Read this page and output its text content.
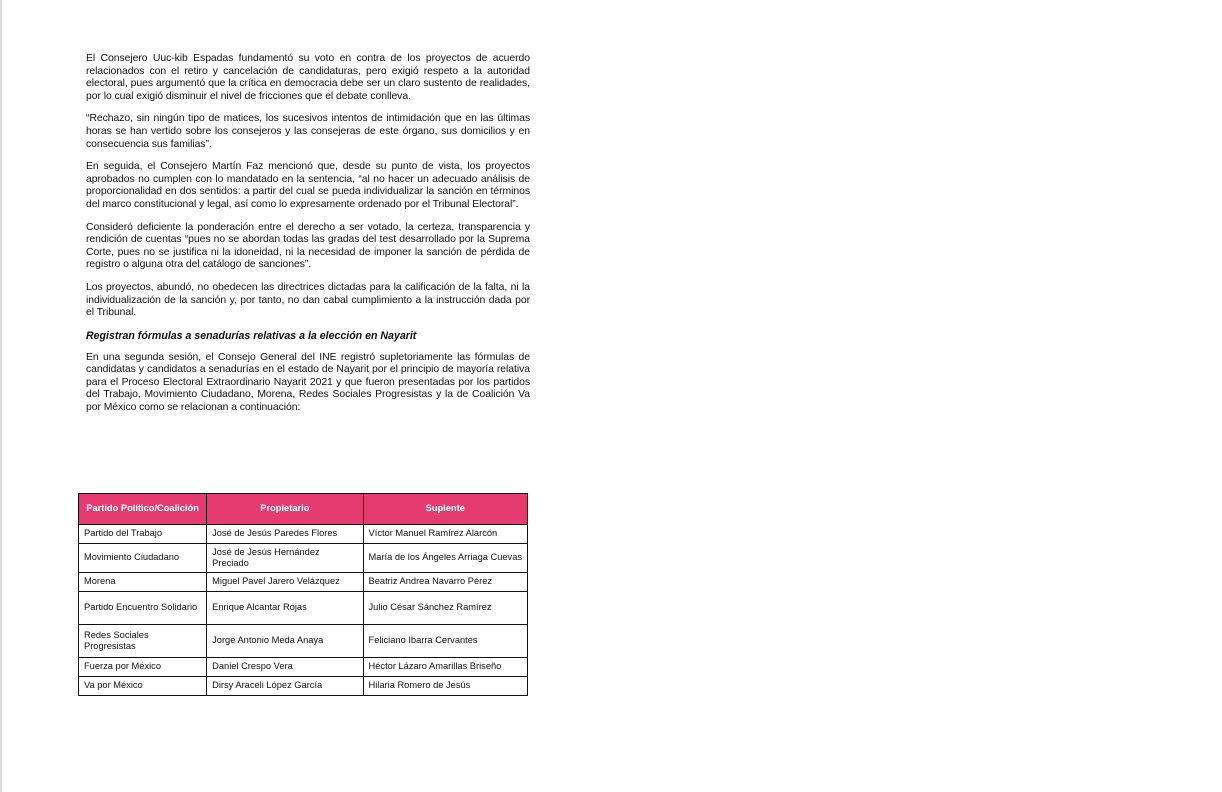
El Consejero Uuc-kib Espadas fundamentó su voto en contra de los proyectos de acuerdo relacionados con el retiro y cancelación de candidaturas, pero exigió respeto a la autoridad electoral, pues argumentó que la crítica en democracia debe ser un claro sustento de realidades, por lo cual exigió disminuir el nivel de fricciones que el debate conlleva.

“Rechazo, sin ningún tipo de matices, los sucesivos intentos de intimidación que en las últimas horas se han vertido sobre los consejeros y las consejeras de este órgano, sus domicilios y en consecuencia sus familias”.

En seguida, el Consejero Martín Faz mencionó que, desde su punto de vista, los proyectos aprobados no cumplen con lo mandatado en la sentencia, “al no hacer un adecuado análisis de proporcionalidad en dos sentidos: a partir del cual se pueda individualizar la sanción en términos del marco constitucional y legal, así como lo expresamente ordenado por el Tribunal Electoral”.

Consideró deficiente la ponderación entre el derecho a ser votado, la certeza, transparencia y rendición de cuentas “pues no se abordan todas las gradas del test desarrollado por la Suprema Corte, pues no se justifica ni la idoneidad, ni la necesidad de imponer la sanción de pérdida de registro o alguna otra del catálogo de sanciones”.

Los proyectos, abundó, no obedecen las directrices dictadas para la calificación de la falta, ni la individualización de la sanción y, por tanto, no dan cabal cumplimiento a la instrucción dada por el Tribunal.

Registran fórmulas a senadurías relativas a la elección en Nayarit

En una segunda sesión, el Consejo General del INE registró supletoriamente las fórmulas de candidatas y candidatos a senadurías en el estado de Nayarit por el principio de mayoría relativa para el Proceso Electoral Extraordinario Nayarit 2021 y que fueron presentadas por los partidos del Trabajo, Movimiento Ciudadano, Morena, Redes Sociales Progresistas y la de Coalición Va por México como se relacionan a continuación:

Partido Político/Coalición	Propietario	Suplente
Partido del Trabajo	José de Jesús Paredes Flores	Víctor Manuel Ramírez Alarcón
Movimiento Ciudadano	José de Jesús Hernández Preciado	María de los Ángeles Arriaga Cuevas
Morena	Miguel Pavel Jarero Velázquez	Beatriz Andrea Navarro Pérez
Partido Encuentro Solidario	Enrique Alcantar Rojas	Julio César Sánchez Ramírez
Redes Sociales Progresistas	Jorge Antonio Meda Anaya	Feliciano Ibarra Cervantes
Fuerza por México	Daniel Crespo Vera	Héctor Lázaro Amarillas Briseño
Va por México	Dirsy Araceli López García	Hilaria Romero de Jesús
